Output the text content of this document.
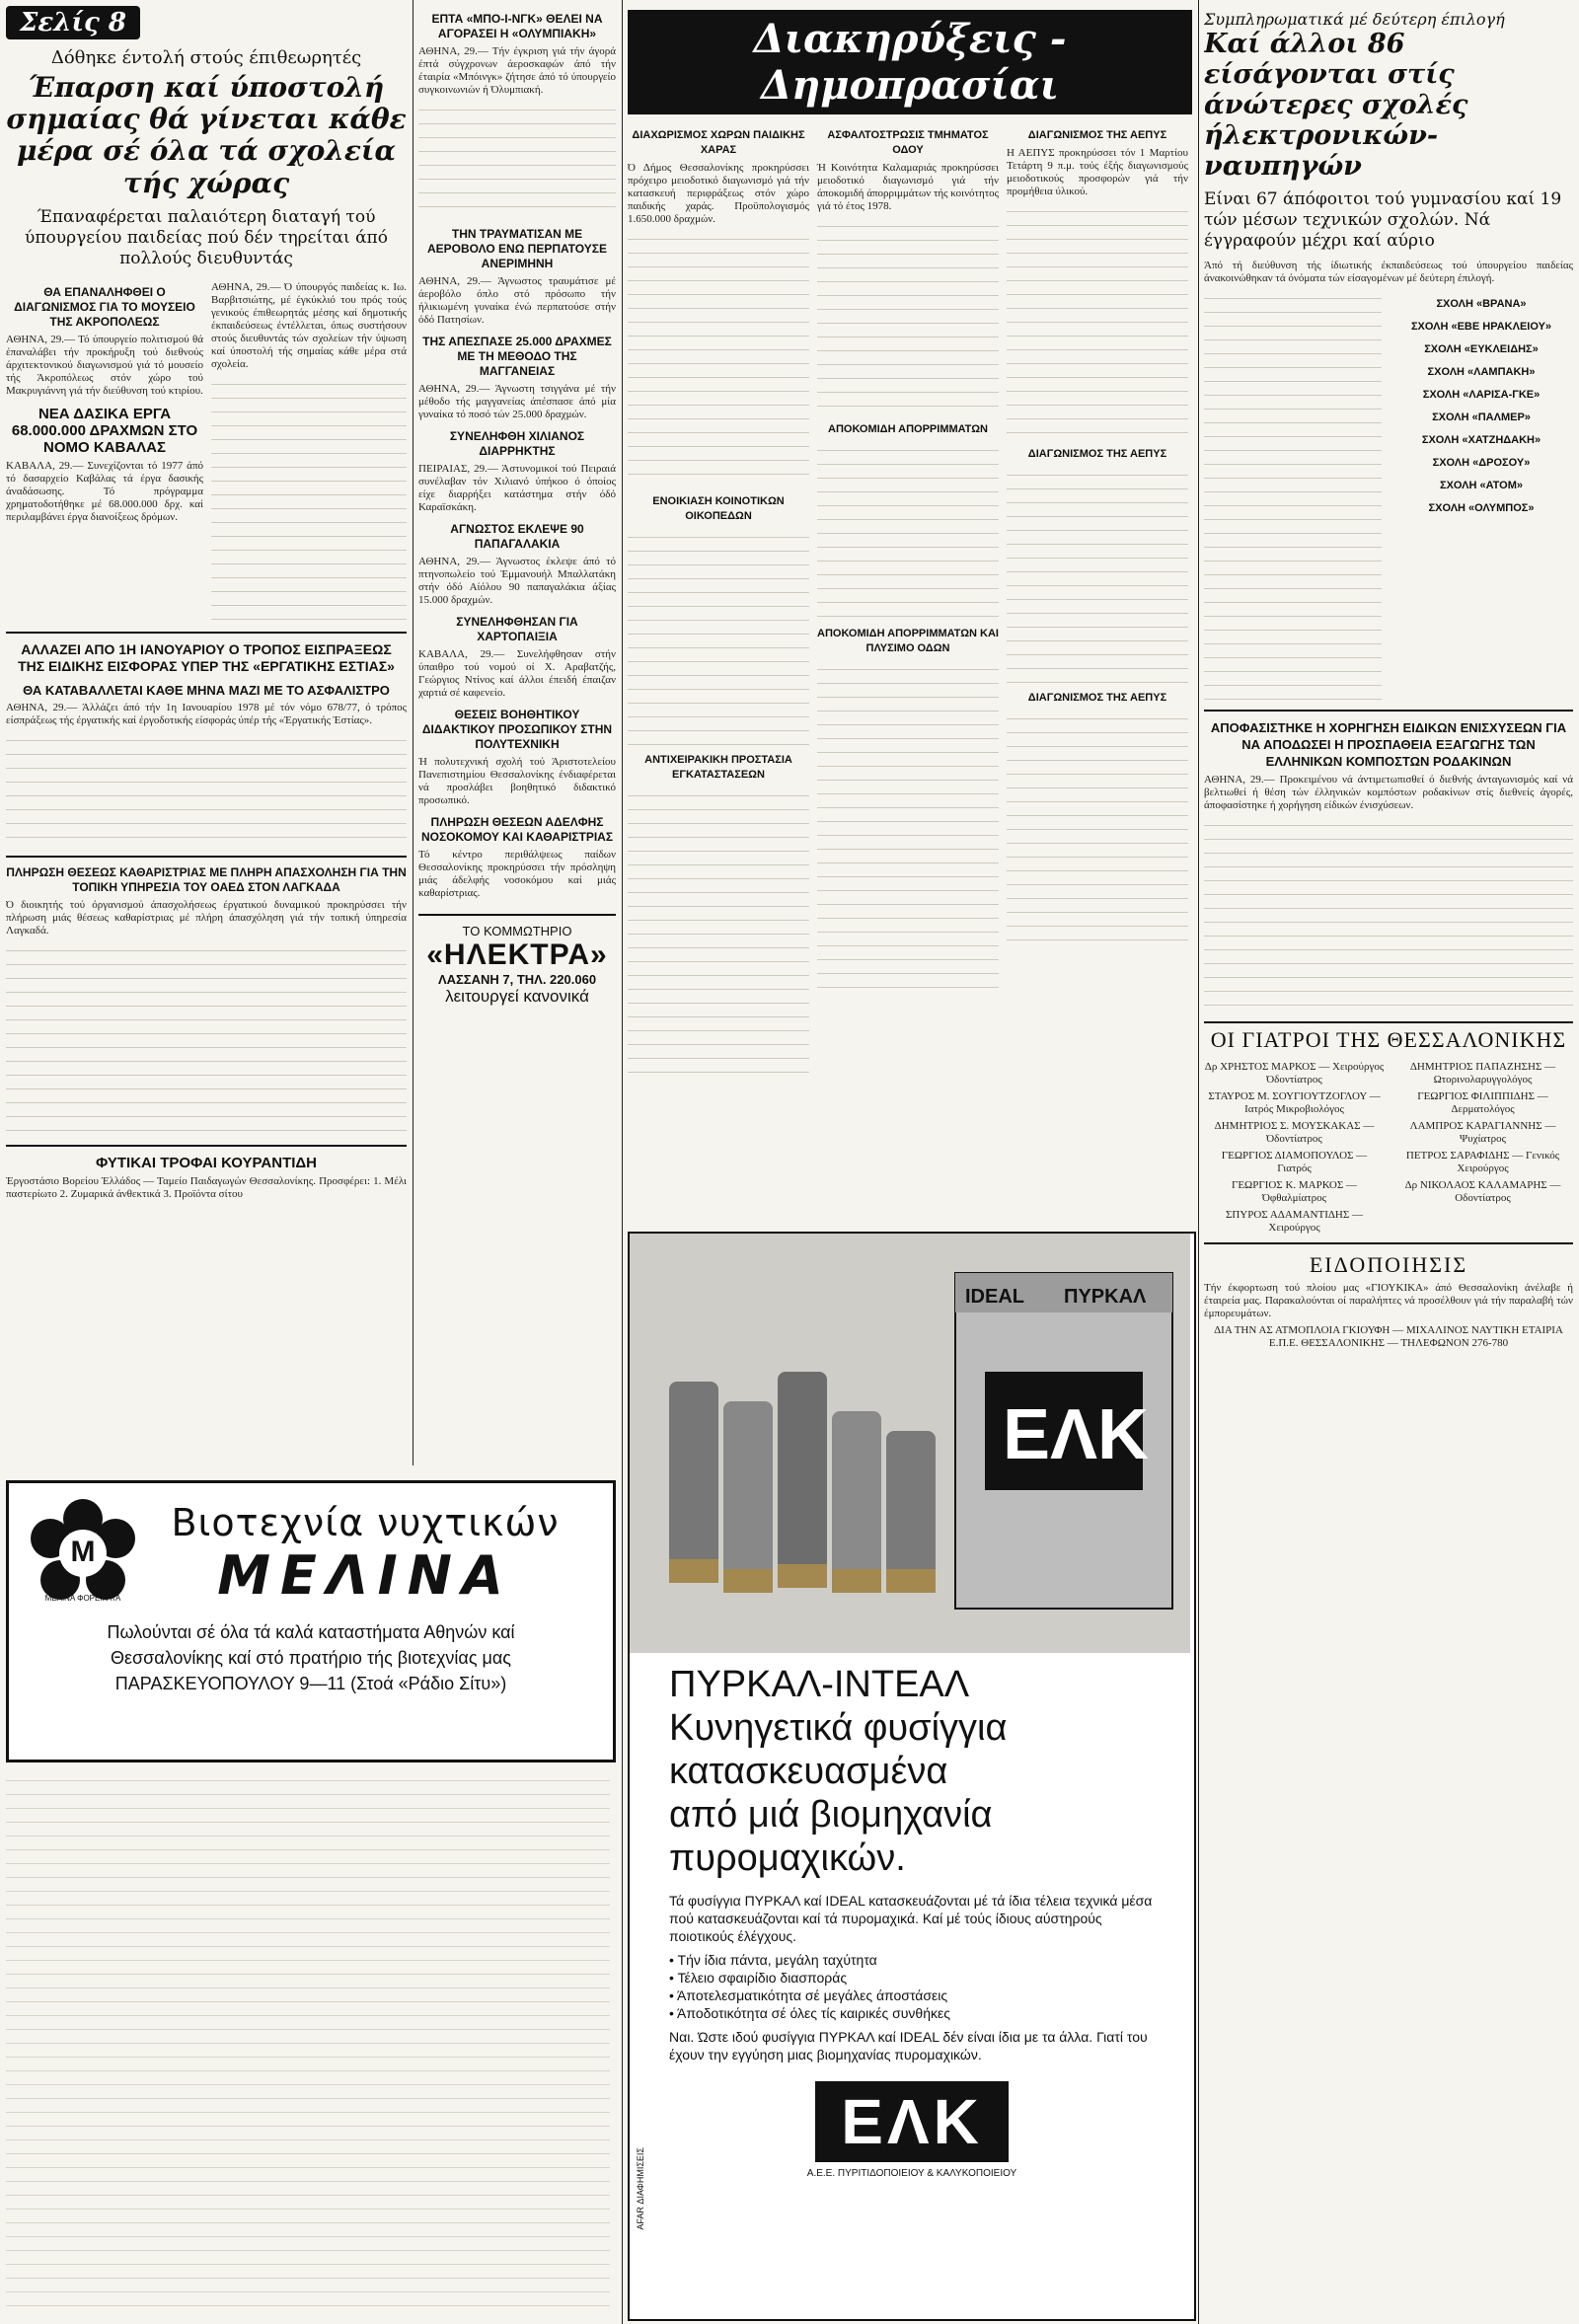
Σελίς 8
Δόθηκε έντολή στούς έπιθεωρητές
Έπαρση καί ύποστολή σημαίας θά γίνεται κάθε μέρα σέ όλα τά σχολεία τής χώρας
Έπαναφέρεται παλαιότερη διαταγή τού ύπουργείου παιδείας πού δέν τηρείται άπό πολλούς διευθυντάς
ΘΑ ΕΠΑΝΑΛΗΦΘΕΙ Ο ΔΙΑΓΩΝΙΣΜΟΣ ΓΙΑ ΤΟ ΜΟΥΣΕΙΟ ΤΗΣ ΑΚΡΟΠΟΛΕΩΣ
ΑΘΗΝΑ, 29.— Τό ύπουργείο πολιτισμού θά έπαναλάβει τήν προκήρυξη τού διεθνούς άρχιτεκτονικού διαγωνισμού γιά τό μουσείο τής Άκροπόλεως στόν χώρο τού Μακρυγιάννη γιά τήν διεύθυνση τού κτιρίου.
ΝΕΑ ΔΑΣΙΚΑ ΕΡΓΑ 68.000.000 ΔΡΑΧΜΩΝ ΣΤΟ ΝΟΜΟ ΚΑΒΑΛΑΣ
ΚΑΒΑΛΑ, 29.— Συνεχίζονται τό 1977 άπό τό δασαρχείο Καβάλας τά έργα δασικής άναδάσωσης. Τό πρόγραμμα χρηματοδοτήθηκε μέ 68.000.000 δρχ. καί περιλαμβάνει έργα διανοίξεως δρόμων.
ΑΘΗΝΑ, 29.— Ό ύπουργός παιδείας κ. Ιω. Βαρβιτσιώτης, μέ έγκύκλιό του πρός τούς γενικούς έπιθεωρητάς μέσης καί δημοτικής έκπαιδεύσεως έντέλλεται, όπως συστήσουν στούς διευθυντάς τών σχολείων τήν ύψωση καί ύποστολή τής σημαίας κάθε μέρα στά σχολεία.
ΑΛΛΑΖΕΙ ΑΠΟ 1Η ΙΑΝΟΥΑΡΙΟΥ Ο ΤΡΟΠΟΣ ΕΙΣΠΡΑΞΕΩΣ ΤΗΣ ΕΙΔΙΚΗΣ ΕΙΣΦΟΡΑΣ ΥΠΕΡ ΤΗΣ «ΕΡΓΑΤΙΚΗΣ ΕΣΤΙΑΣ»
ΘΑ ΚΑΤΑΒΑΛΛΕΤΑΙ ΚΑΘΕ ΜΗΝΑ ΜΑΖΙ ΜΕ ΤΟ ΑΣΦΑΛΙΣΤΡΟ
ΑΘΗΝΑ, 29.— Άλλάζει άπό τήν 1η Ιανουαρίου 1978 μέ τόν νόμο 678/77, ό τρόπος είσπράξεως τής έργατικής καί έργοδοτικής είσφοράς ύπέρ τής «Έργατικής Έστίας».
ΠΛΗΡΩΣΗ ΘΕΣΕΩΣ ΚΑΘΑΡΙΣΤΡΙΑΣ ΜΕ ΠΛΗΡΗ ΑΠΑΣΧΟΛΗΣΗ ΓΙΑ ΤΗΝ ΤΟΠΙΚΗ ΥΠΗΡΕΣΙΑ ΤΟΥ ΟΑΕΔ ΣΤΟΝ ΛΑΓΚΑΔΑ
Ό διοικητής τού όργανισμού άπασχολήσεως έργατικού δυναμικού προκηρύσσει τήν πλήρωση μιάς θέσεως καθαρίστριας μέ πλήρη άπασχόληση γιά τήν τοπική ύπηρεσία Λαγκαδά.
ΦΥΤΙΚΑΙ ΤΡΟΦΑΙ ΚΟΥΡΑΝΤΙΔΗ
Έργοστάσιο Βορείου Έλλάδος — Ταμείο Παιδαγωγών Θεσσαλονίκης. Προσφέρει: 1. Μέλι παστερίωτο 2. Ζυμαρικά άνθεκτικά 3. Προϊόντα σίτου
ΕΠΤΑ «ΜΠΟ-Ι-ΝΓΚ» ΘΕΛΕΙ ΝΑ ΑΓΟΡΑΣΕΙ Η «ΟΛΥΜΠΙΑΚΗ»
ΑΘΗΝΑ, 29.— Τήν έγκριση γιά τήν άγορά έπτά σύγχρονων άεροσκαφών άπό τήν έταιρία «Μπόινγκ» ζήτησε άπό τό ύπουργείο συγκοινωνιών ή Όλυμπιακή.
ΤΗΝ ΤΡΑΥΜΑΤΙΣΑΝ ΜΕ ΑΕΡΟΒΟΛΟ ΕΝΩ ΠΕΡΠΑΤΟΥΣΕ ΑΝΕΡΙΜΗΝΗ
ΑΘΗΝΑ, 29.— Άγνωστος τραυμάτισε μέ άεροβόλο όπλο στό πρόσωπο τήν ήλικιωμένη γυναίκα ένώ περπατούσε στήν όδό Πατησίων.
ΤΗΣ ΑΠΕΣΠΑΣΕ 25.000 ΔΡΑΧΜΕΣ ΜΕ ΤΗ ΜΕΘΟΔΟ ΤΗΣ ΜΑΓΓΑΝΕΙΑΣ
ΑΘΗΝΑ, 29.— Άγνωστη τσιγγάνα μέ τήν μέθοδο τής μαγγανείας άπέσπασε άπό μία γυναίκα τό ποσό τών 25.000 δραχμών.
ΣΥΝΕΛΗΦΘΗ ΧΙΛΙΑΝΟΣ ΔΙΑΡΡΗΚΤΗΣ
ΠΕΙΡΑΙΑΣ, 29.— Άστυνομικοί τού Πειραιά συνέλαβαν τόν Χιλιανό ύπήκοο ό όποίος είχε διαρρήξει κατάστημα στήν όδό Καραϊσκάκη.
ΑΓΝΩΣΤΟΣ ΕΚΛΕΨΕ 90 ΠΑΠΑΓΑΛΑΚΙΑ
ΑΘΗΝΑ, 29.— Άγνωστος έκλεψε άπό τό πτηνοπωλείο τού Έμμανουήλ Μπαλλατάκη στήν όδό Αίόλου 90 παπαγαλάκια άξίας 15.000 δραχμών.
ΣΥΝΕΛΗΦΘΗΣΑΝ ΓΙΑ ΧΑΡΤΟΠΑΙΞΙΑ
ΚΑΒΑΛΑ, 29.— Συνελήφθησαν στήν ύπαιθρο τού νομού οί Χ. Αραβατζής, Γεώργιος Ντίνος καί άλλοι έπειδή έπαιζαν χαρτιά σέ καφενείο.
ΘΕΣΕΙΣ ΒΟΗΘΗΤΙΚΟΥ ΔΙΔΑΚΤΙΚΟΥ ΠΡΟΣΩΠΙΚΟΥ ΣΤΗΝ ΠΟΛΥΤΕΧΝΙΚΗ
Ή πολυτεχνική σχολή τού Άριστοτελείου Πανεπιστημίου Θεσσαλονίκης ένδιαφέρεται νά προσλάβει βοηθητικό διδακτικό προσωπικό.
ΠΛΗΡΩΣΗ ΘΕΣΕΩΝ ΑΔΕΛΦΗΣ ΝΟΣΟΚΟΜΟΥ ΚΑΙ ΚΑΘΑΡΙΣΤΡΙΑΣ
Τό κέντρο περιθάλψεως παίδων Θεσσαλονίκης προκηρύσσει τήν πρόσληψη μιάς άδελφής νοσοκόμου καί μιάς καθαρίστριας.
ΤΟ ΚΟΜΜΩΤΗΡΙΟ
«ΗΛΕΚΤΡΑ»
ΛΑΣΣΑΝΗ 7, ΤΗΛ. 220.060
λειτουργεί κανονικά
Διακηρύξεις - Δημοπρασίαι
ΔΙΑΧΩΡΙΣΜΟΣ ΧΩΡΩΝ ΠΑΙΔΙΚΗΣ ΧΑΡΑΣ
Ό Δήμος Θεσσαλονίκης προκηρύσσει πρόχειρο μειοδοτικό διαγωνισμό γιά τήν κατασκευή περιφράξεως στόν χώρο παιδικής χαράς. Προϋπολογισμός 1.650.000 δραχμών.
ΕΝΟΙΚΙΑΣΗ ΚΟΙΝΟΤΙΚΩΝ ΟΙΚΟΠΕΔΩΝ
ΑΝΤΙΧΕΙΡΑΚΙΚΗ ΠΡΟΣΤΑΣΙΑ ΕΓΚΑΤΑΣΤΑΣΕΩΝ
ΑΣΦΑΛΤΟΣΤΡΩΣΙΣ ΤΜΗΜΑΤΟΣ ΟΔΟΥ
Ή Κοινότητα Καλαμαριάς προκηρύσσει μειοδοτικό διαγωνισμό γιά τήν άποκομιδή άπορριμμάτων τής κοινότητος γιά τό έτος 1978.
ΑΠΟΚΟΜΙΔΗ ΑΠΟΡΡΙΜΜΑΤΩΝ
ΑΠΟΚΟΜΙΔΗ ΑΠΟΡΡΙΜΜΑΤΩΝ ΚΑΙ ΠΛΥΣΙΜΟ ΟΔΩΝ
ΔΙΑΓΩΝΙΣΜΟΣ ΤΗΣ ΑΕΠΥΣ
Η ΑΕΠΥΣ προκηρύσσει τόν 1 Μαρτίου Τετάρτη 9 π.μ. τούς έξής διαγωνισμούς μειοδοτικούς προσφορών γιά τήν προμήθεια ύλικού.
ΔΙΑΓΩΝΙΣΜΟΣ ΤΗΣ ΑΕΠΥΣ
ΔΙΑΓΩΝΙΣΜΟΣ ΤΗΣ ΑΕΠΥΣ
IDEAL ΠΥΡΚΑΛ
ΕΛΚ
ΠΥΡΚΑΛ-ΙΝΤΕΑΛ
Κυνηγετικά φυσίγγια
κατασκευασμένα
από μιά βιομηχανία πυρομαχικών.
Τά φυσίγγια ΠΥΡΚΑΛ καί IDEAL κατασκευάζονται μέ τά ίδια τέλεια τεχνικά μέσα πού κατασκευάζονται καί τά πυρομαχικά. Καί μέ τούς ίδιους αύστηρούς ποιοτικούς έλέγχους.
• Τήν ίδια πάντα, μεγάλη ταχύτητα
• Τέλειο σφαιρίδιο διασποράς
• Άποτελεσματικότητα σέ μεγάλες άποστάσεις
• Άποδοτικότητα σέ όλες τίς καιρικές συνθήκες
Ναι. Ώστε ιδού φυσίγγια ΠΥΡΚΑΛ καί IDEAL δέν είναι ίδια με τα άλλα. Γιατί του έχουν την εγγύηση μιας βιομηχανίας πυρομαχικών.
ΕΛΚ
Α.Ε.Ε. ΠΥΡΙΤΙΔΟΠΟΙΕΙΟΥ & ΚΑΛΥΚΟΠΟΙΕΙΟΥ
AFAR ΔΙΑΦΗΜΙΣΕΙΣ
Συμπληρωματικά μέ δεύτερη έπιλογή
Καί άλλοι 86 είσάγονται στίς άνώτερες σχολές ήλεκτρονικών-ναυπηγών
Είναι 67 άπόφοιτοι τού γυμνασίου καί 19 τών μέσων τεχνικών σχολών. Νά έγγραφούν μέχρι καί αύριο
Άπό τή διεύθυνση τής ίδιωτικής έκπαιδεύσεως τού ύπουργείου παιδείας άνακοινώθηκαν τά όνόματα τών είσαγομένων μέ δεύτερη έπιλογή.
ΣΧΟΛΗ «ΒΡΑΝΑ»
ΣΧΟΛΗ «ΕΒΕ ΗΡΑΚΛΕΙΟΥ»
ΣΧΟΛΗ «ΕΥΚΛΕΙΔΗΣ»
ΣΧΟΛΗ «ΛΑΜΠΑΚΗ»
ΣΧΟΛΗ «ΛΑΡΙΣΑ-ΓΚΕ»
ΣΧΟΛΗ «ΠΑΛΜΕΡ»
ΣΧΟΛΗ «ΧΑΤΖΗΔΑΚΗ»
ΣΧΟΛΗ «ΔΡΟΣΟΥ»
ΣΧΟΛΗ «ΑΤΟΜ»
ΣΧΟΛΗ «ΟΛΥΜΠΟΣ»
ΑΠΟΦΑΣΙΣΤΗΚΕ Η ΧΟΡΗΓΗΣΗ ΕΙΔΙΚΩΝ ΕΝΙΣΧΥΣΕΩΝ ΓΙΑ ΝΑ ΑΠΟΔΩΣΕΙ Η ΠΡΟΣΠΑΘΕΙΑ ΕΞΑΓΩΓΗΣ ΤΩΝ ΕΛΛΗΝΙΚΩΝ ΚΟΜΠΟΣΤΩΝ ΡΟΔΑΚΙΝΩΝ
ΑΘΗΝΑ, 29.— Προκειμένου νά άντιμετωπισθεί ό διεθνής άνταγωνισμός καί νά βελτιωθεί ή θέση τών έλληνικών κομπόστων ροδακίνων στίς διεθνείς άγορές, άποφασίστηκε ή χορήγηση είδικών ένισχύσεων.
ΟΙ ΓΙΑΤΡΟΙ ΤΗΣ ΘΕΣΣΑΛΟΝΙΚΗΣ
Δρ ΧΡΗΣΤΟΣ ΜΑΡΚΟΣ — Χειρούργος Όδοντίατρος
ΣΤΑΥΡΟΣ Μ. ΣΟΥΓΙΟΥΤΖΟΓΛΟΥ — Ιατρός Μικροβιολόγος
ΔΗΜΗΤΡΙΟΣ Σ. ΜΟΥΣΚΑΚΑΣ — Όδοντίατρος
ΓΕΩΡΓΙΟΣ ΔΙΑΜΟΠΟΥΛΟΣ — Γιατρός
ΓΕΩΡΓΙΟΣ Κ. ΜΑΡΚΟΣ — Όφθαλμίατρος
ΣΠΥΡΟΣ ΑΔΑΜΑΝΤΙΔΗΣ — Χειρούργος
ΔΗΜΗΤΡΙΟΣ ΠΑΠΑΖΗΣΗΣ — Ωτορινολαρυγγολόγος
ΓΕΩΡΓΙΟΣ ΦΙΛΙΠΠΙΔΗΣ — Δερματολόγος
ΛΑΜΠΡΟΣ ΚΑΡΑΓΙΑΝΝΗΣ — Ψυχίατρος
ΠΕΤΡΟΣ ΣΑΡΑΦΙΔΗΣ — Γενικός Χειρούργος
Δρ ΝΙΚΟΛΑΟΣ ΚΑΛΑΜΑΡΗΣ — Οδοντίατρος
ΕΙΔΟΠΟΙΗΣΙΣ
Τήν έκφορτωση τού πλοίου μας «ΓΙΟΥΚΙΚΑ» άπό Θεσσαλονίκη άνέλαβε ή έταιρεία μας. Παρακαλούνται οί παραλήπτες νά προσέλθουν γιά τήν παραλαβή τών έμπορευμάτων.
ΔΙΑ ΤΗΝ ΑΣ ΑΤΜΟΠΛΟΙΑ ΓΚΙΟΥΦΗ — ΜΙΧΑΛΙΝΟΣ ΝΑΥΤΙΚΗ ΕΤΑΙΡΙΑ Ε.Π.Ε. ΘΕΣΣΑΛΟΝΙΚΗΣ — ΤΗΛΕΦΩΝΟΝ 276-780
M
ΜΕΛΙΝΑ ΦΟΡΕΜΑΤΑ
Βιοτεχνία νυχτικών
ΜΕΛΙΝΑ
Πωλούνται σέ όλα τά καλά καταστήματα Αθηνών καί
Θεσσαλονίκης καί στό πρατήριο τής βιοτεχνίας μας
ΠΑΡΑΣΚΕΥΟΠΟΥΛΟΥ 9—11 (Στοά «Ράδιο Σίτυ»)
